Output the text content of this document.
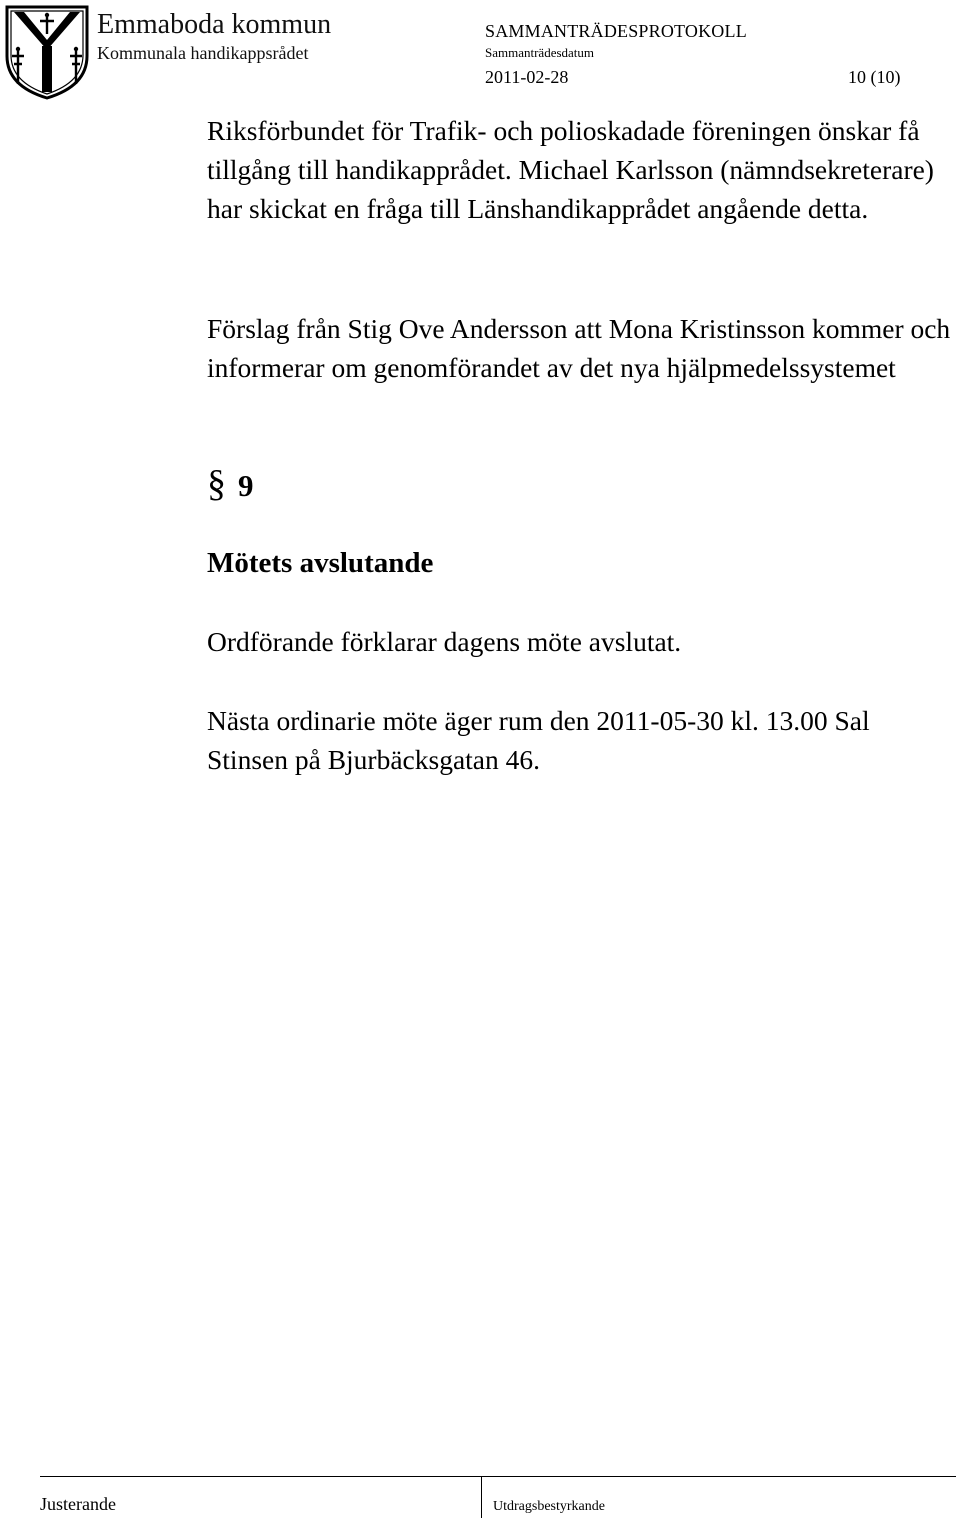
Emmaboda kommun
Kommunala handikappsrådet
SAMMANTRÄDESPROTOKOLL
Sammanträdesdatum
2011-02-28	10 (10)

Riksförbundet för Trafik- och polioskadade föreningen önskar få tillgång till handikapprådet. Michael Karlsson (nämndsekreterare) har skickat en fråga till Länshandikapprådet angående detta.

Förslag från Stig Ove Andersson att Mona Kristinsson kommer och informerar om genomförandet av det nya hjälpmedelssystemet

§ 9
Mötets avslutande

Ordförande förklarar dagens möte avslutat.

Nästa ordinarie möte äger rum den 2011-05-30 kl. 13.00 Sal Stinsen på Bjurbäcksgatan 46.

Justerande	Utdragsbestyrkande
